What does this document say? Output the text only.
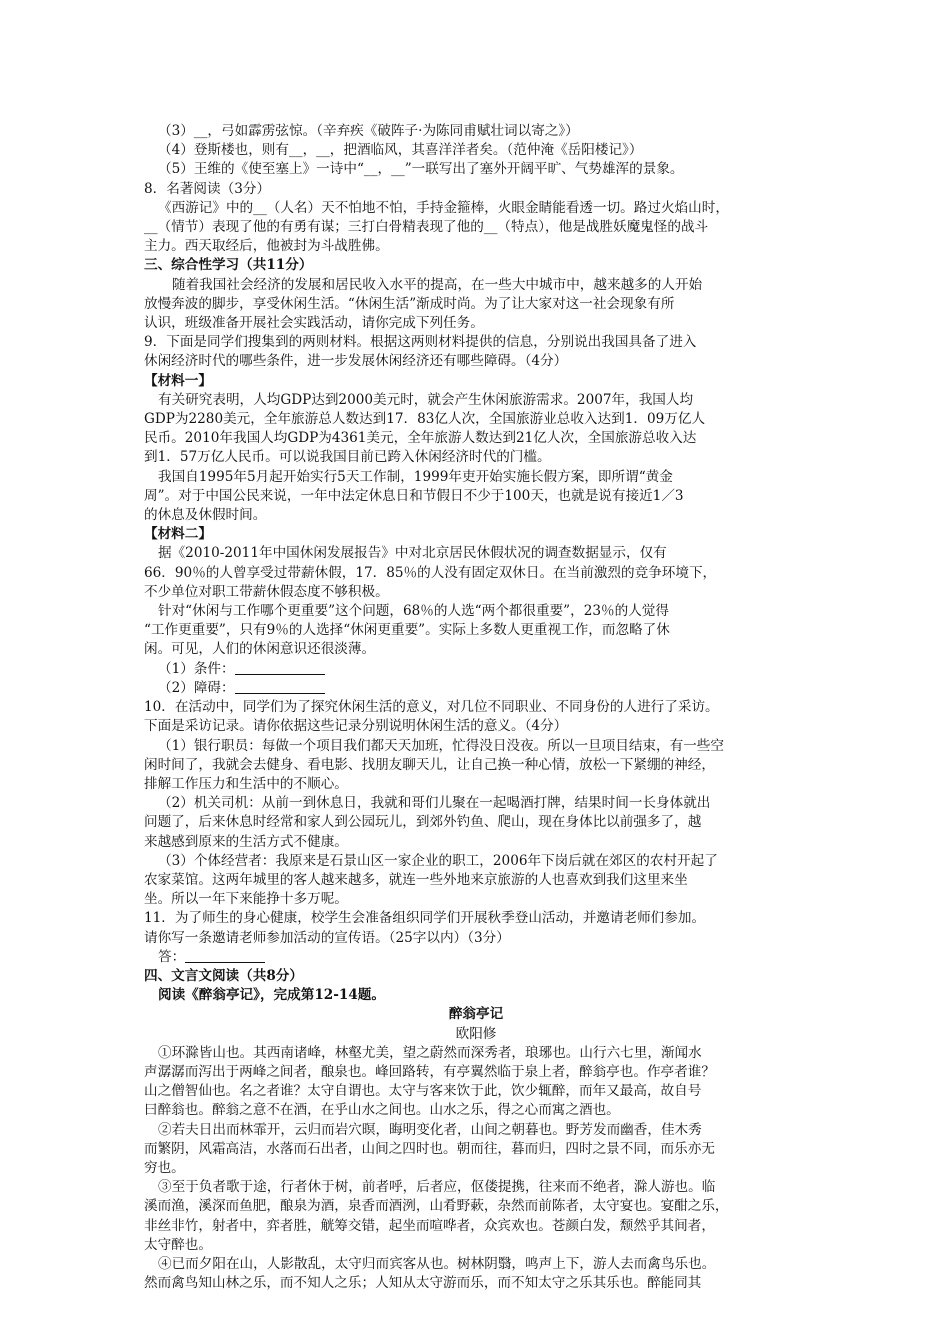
（3）__，弓如霹雳弦惊。（辛弃疾《破阵子·为陈同甫赋壮词以寄之》）
（4）登斯楼也，则有__，__，把酒临风，其喜洋洋者矣。（范仲淹《岳阳楼记》）
（5）王维的《使至塞上》一诗中“__，__”一联写出了塞外开阔平旷、气势雄浑的景象。
8．名著阅读（3分）
《西游记》中的__（人名）天不怕地不怕，手持金箍棒，火眼金睛能看透一切。路过火焰山时，
__（情节）表现了他的有勇有谋；三打白骨精表现了他的__（特点），他是战胜妖魔鬼怪的战斗
主力。西天取经后，他被封为斗战胜佛。
三、综合性学习（共11分）
随着我国社会经济的发展和居民收入水平的提高，在一些大中城市中，越来越多的人开始
放慢奔波的脚步，享受休闲生活。“休闲生活”渐成时尚。为了让大家对这一社会现象有所
认识，班级准备开展社会实践活动，请你完成下列任务。
9．下面是同学们搜集到的两则材料。根据这两则材料提供的信息，分别说出我国具备了进入
休闲经济时代的哪些条件，进一步发展休闲经济还有哪些障碍。（4分）
【材料一】
有关研究表明，人均GDP达到2000美元时，就会产生休闲旅游需求。2007年，我国人均
GDP为2280美元，全年旅游总人数达到17．83亿人次，全国旅游业总收入达到1．09万亿人
民币。2010年我国人均GDP为4361美元，全年旅游人数达到21亿人次，全国旅游总收入达
到1．57万亿人民币。可以说我国目前已跨入休闲经济时代的门槛。
我国自1995年5月起开始实行5天工作制，1999年吏开始实施长假方案，即所谓“黄金
周”。对于中国公民来说，一年中法定休息日和节假日不少于100天，也就是说有接近1／3
的休息及休假时间。
【材料二】
据《2010-2011年中国休闲发展报告》中对北京居民休假状况的调查数据显示，仅有
66．90％的人曾享受过带薪休假，17．85％的人没有固定双休日。在当前激烈的竞争环境下，
不少单位对职工带薪休假态度不够积极。
针对“休闲与工作哪个更重要”这个问题，68％的人选“两个都很重要”，23％的人觉得
“工作更重要”，只有9％的人选择“休闲更重要”。实际上多数人更重视工作，而忽略了休
闲。可见，人们的休闲意识还很淡薄。
（1）条件：
（2）障碍：
10．在活动中，同学们为了探究休闲生活的意义，对几位不同职业、不同身份的人进行了采访。
下面是采访记录。请你依据这些记录分别说明休闲生活的意义。（4分）
（1）银行职员：每做一个项目我们都天天加班，忙得没日没夜。所以一旦项目结束，有一些空
闲时间了，我就会去健身、看电影、找朋友聊天儿，让自己换一种心情，放松一下紧绷的神经，
排解工作压力和生活中的不顺心。
（2）机关司机：从前一到休息日，我就和哥们儿聚在一起喝酒打牌，结果时间一长身体就出
问题了，后来休息时经常和家人到公园玩儿，到郊外钓鱼、爬山，现在身体比以前强多了，越
来越感到原来的生活方式不健康。
（3）个体经营者：我原来是石景山区一家企业的职工，2006年下岗后就在郊区的农村开起了
农家菜馆。这两年城里的客人越来越多，就连一些外地来京旅游的人也喜欢到我们这里来坐
坐。所以一年下来能挣十多万呢。
11．为了师生的身心健康，校学生会准备组织同学们开展秋季登山活动，并邀请老师们参加。
请你写一条邀请老师参加活动的宣传语。（25字以内）（3分）
答：
四、文言文阅读（共8分）
阅读《醉翁亭记》，完成第12-14题。
醉翁亭记
欧阳修
①环滁皆山也。其西南诸峰，林壑尤美，望之蔚然而深秀者，琅琊也。山行六七里，渐闻水
声潺潺而泻出于两峰之间者，酿泉也。峰回路转，有亭翼然临于泉上者，醉翁亭也。作亭者谁？
山之僧智仙也。名之者谁？太守自谓也。太守与客来饮于此，饮少辄醉，而年又最高，故自号
曰醉翁也。醉翁之意不在酒，在乎山水之间也。山水之乐，得之心而寓之酒也。
②若夫日出而林霏开，云归而岩穴暝，晦明变化者，山间之朝暮也。野芳发而幽香，佳木秀
而繁阴，风霜高洁，水落而石出者，山间之四时也。朝而往，暮而归，四时之景不同，而乐亦无
穷也。
③至于负者歌于途，行者休于树，前者呼，后者应，伛偻提携，往来而不绝者，滁人游也。临
溪而渔，溪深而鱼肥，酿泉为酒，泉香而酒洌，山肴野蔌，杂然而前陈者，太守宴也。宴酣之乐，
非丝非竹，射者中，弈者胜，觥筹交错，起坐而喧哗者，众宾欢也。苍颜白发，颓然乎其间者，
太守醉也。
④已而夕阳在山，人影散乱，太守归而宾客从也。树林阴翳，鸣声上下，游人去而禽鸟乐也。
然而禽鸟知山林之乐，而不知人之乐；人知从太守游而乐，而不知太守之乐其乐也。醉能同其
